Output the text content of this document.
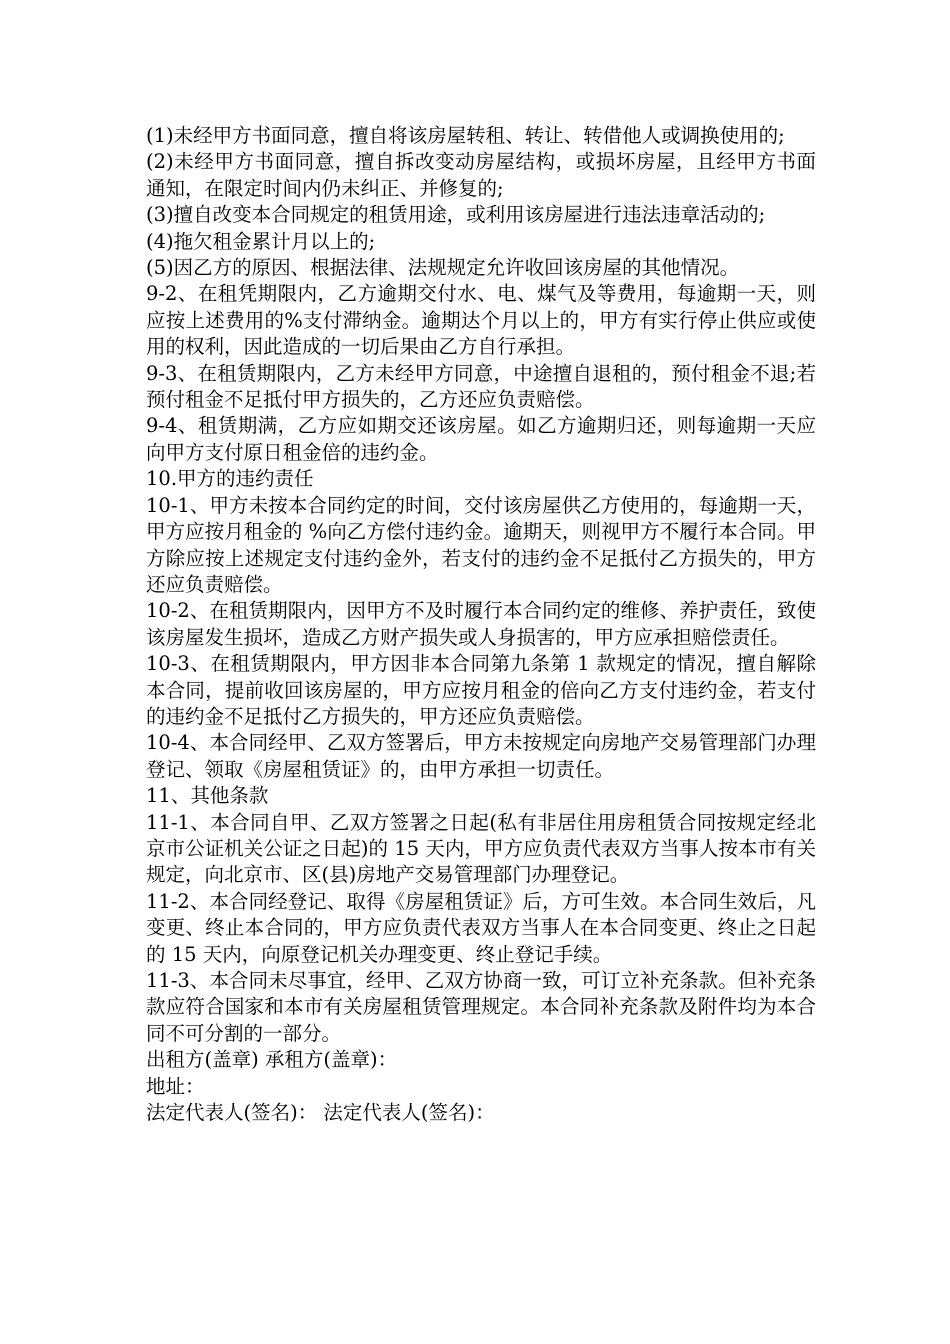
(1)未经甲方书面同意，擅自将该房屋转租、转让、转借他人或调换使用的;

(2)未经甲方书面同意，擅自拆改变动房屋结构，或损坏房屋，且经甲方书面通知，在限定时间内仍未纠正、并修复的;

(3)擅自改变本合同规定的租赁用途，或利用该房屋进行违法违章活动的;

(4)拖欠租金累计月以上的;

(5)因乙方的原因、根据法律、法规规定允许收回该房屋的其他情况。

9-2、在租凭期限内，乙方逾期交付水、电、煤气及等费用，每逾期一天，则应按上述费用的%支付滞纳金。逾期达个月以上的，甲方有实行停止供应或使用的权利，因此造成的一切后果由乙方自行承担。

9-3、在租赁期限内，乙方未经甲方同意，中途擅自退租的，预付租金不退;若预付租金不足抵付甲方损失的，乙方还应负责赔偿。

9-4、租赁期满，乙方应如期交还该房屋。如乙方逾期归还，则每逾期一天应向甲方支付原日租金倍的违约金。

10.甲方的违约责任

10-1、甲方未按本合同约定的时间，交付该房屋供乙方使用的，每逾期一天，甲方应按月租金的 %向乙方偿付违约金。逾期天，则视甲方不履行本合同。甲方除应按上述规定支付违约金外，若支付的违约金不足抵付乙方损失的，甲方还应负责赔偿。

10-2、在租赁期限内，因甲方不及时履行本合同约定的维修、养护责任，致使该房屋发生损坏，造成乙方财产损失或人身损害的，甲方应承担赔偿责任。

10-3、在租赁期限内，甲方因非本合同第九条第 1 款规定的情况，擅自解除本合同，提前收回该房屋的，甲方应按月租金的倍向乙方支付违约金，若支付的违约金不足抵付乙方损失的，甲方还应负责赔偿。

10-4、本合同经甲、乙双方签署后，甲方未按规定向房地产交易管理部门办理登记、领取《房屋租赁证》的，由甲方承担一切责任。

11、其他条款

11-1、本合同自甲、乙双方签署之日起(私有非居住用房租赁合同按规定经北京市公证机关公证之日起)的 15 天内，甲方应负责代表双方当事人按本市有关规定，向北京市、区(县)房地产交易管理部门办理登记。

11-2、本合同经登记、取得《房屋租赁证》后，方可生效。本合同生效后，凡变更、终止本合同的，甲方应负责代表双方当事人在本合同变更、终止之日起的 15 天内，向原登记机关办理变更、终止登记手续。

11-3、本合同未尽事宜，经甲、乙双方协商一致，可订立补充条款。但补充条款应符合国家和本市有关房屋租赁管理规定。本合同补充条款及附件均为本合同不可分割的一部分。

出租方(盖章) 承租方(盖章)：

地址：

法定代表人(签名)： 法定代表人(签名)：
